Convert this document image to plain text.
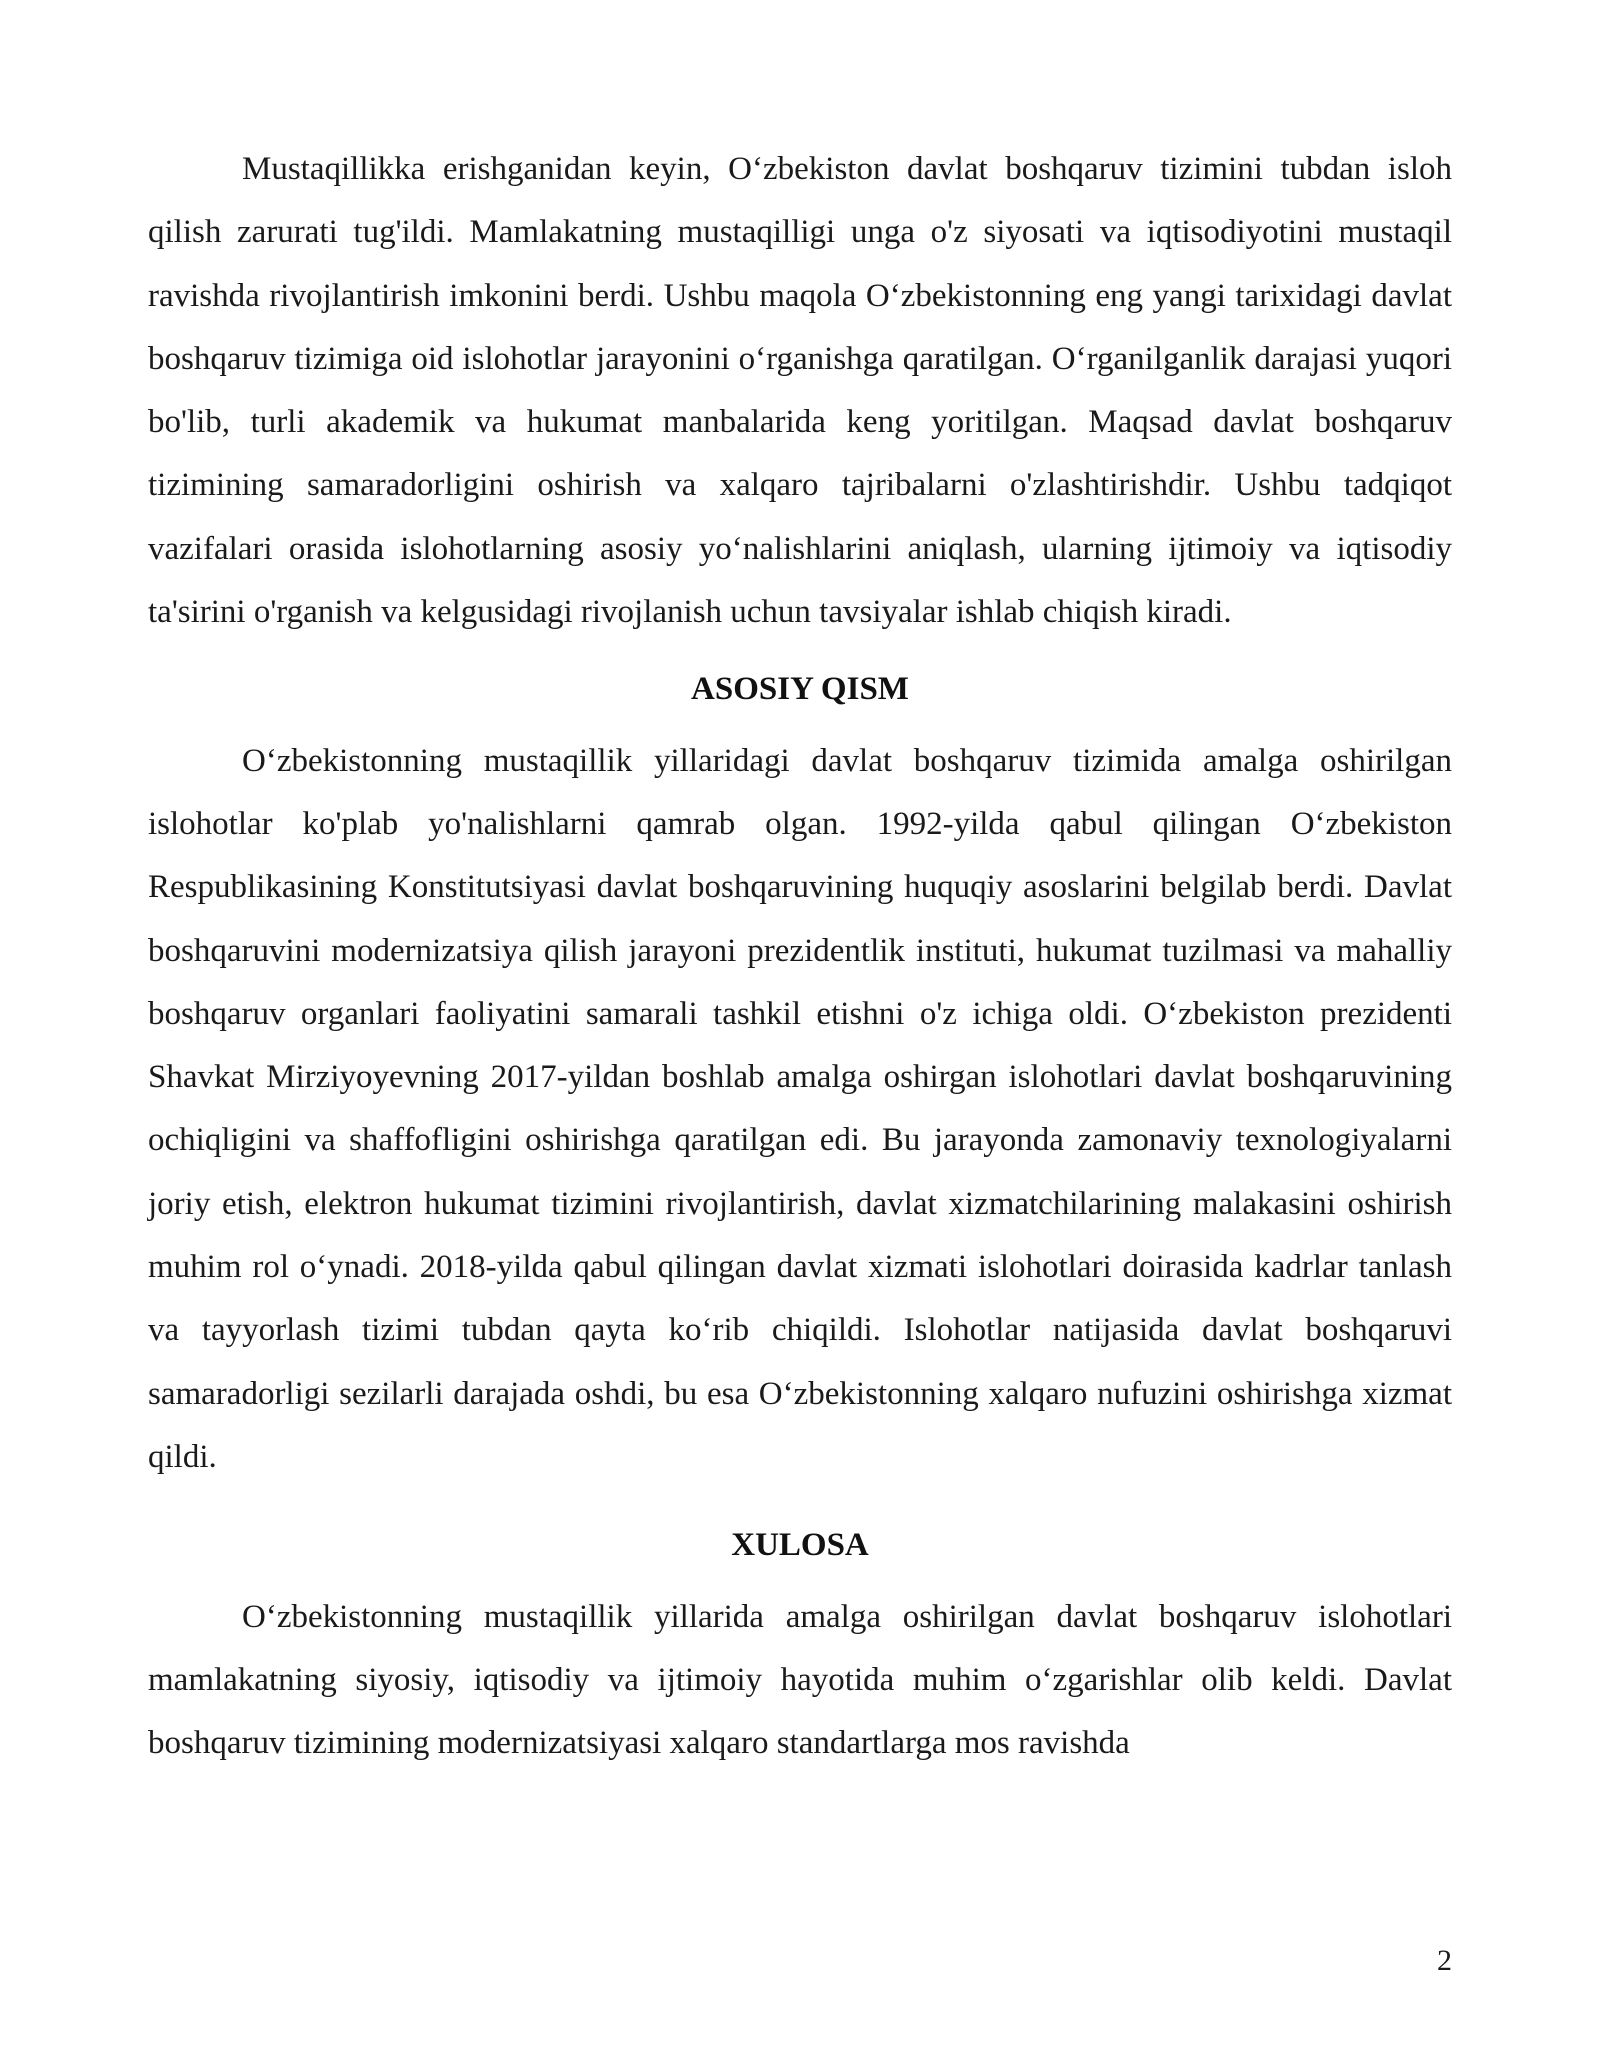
Mustaqillikka erishganidan keyin, O‘zbekiston davlat boshqaruv tizimini tubdan isloh qilish zarurati tug'ildi. Mamlakatning mustaqilligi unga o'z siyosati va iqtisodiyotini mustaqil ravishda rivojlantirish imkonini berdi. Ushbu maqola O‘zbekistonning eng yangi tarixidagi davlat boshqaruv tizimiga oid islohotlar jarayonini o‘rganishga qaratilgan. O‘rganilganlik darajasi yuqori bo'lib, turli akademik va hukumat manbalarida keng yoritilgan. Maqsad davlat boshqaruv tizimining samaradorligini oshirish va xalqaro tajribalarni o'zlashtirishdir. Ushbu tadqiqot vazifalari orasida islohotlarning asosiy yo‘nalishlarini aniqlash, ularning ijtimoiy va iqtisodiy ta'sirini o'rganish va kelgusidagi rivojlanish uchun tavsiyalar ishlab chiqish kiradi.

ASOSIY QISM

O‘zbekistonning mustaqillik yillaridagi davlat boshqaruv tizimida amalga oshirilgan islohotlar ko'plab yo'nalishlarni qamrab olgan. 1992-yilda qabul qilingan O‘zbekiston Respublikasining Konstitutsiyasi davlat boshqaruvining huquqiy asoslarini belgilab berdi. Davlat boshqaruvini modernizatsiya qilish jarayoni prezidentlik instituti, hukumat tuzilmasi va mahalliy boshqaruv organlari faoliyatini samarali tashkil etishni o'z ichiga oldi. O‘zbekiston prezidenti Shavkat Mirziyoyevning 2017-yildan boshlab amalga oshirgan islohotlari davlat boshqaruvining ochiqligini va shaffofligini oshirishga qaratilgan edi. Bu jarayonda zamonaviy texnologiyalarni joriy etish, elektron hukumat tizimini rivojlantirish, davlat xizmatchilarining malakasini oshirish muhim rol o‘ynadi. 2018-yilda qabul qilingan davlat xizmati islohotlari doirasida kadrlar tanlash va tayyorlash tizimi tubdan qayta ko‘rib chiqildi. Islohotlar natijasida davlat boshqaruvi samaradorligi sezilarli darajada oshdi, bu esa O‘zbekistonning xalqaro nufuzini oshirishga xizmat qildi.

XULOSA

O‘zbekistonning mustaqillik yillarida amalga oshirilgan davlat boshqaruv islohotlari mamlakatning siyosiy, iqtisodiy va ijtimoiy hayotida muhim o‘zgarishlar olib keldi. Davlat boshqaruv tizimining modernizatsiyasi xalqaro standartlarga mos ravishda

2
